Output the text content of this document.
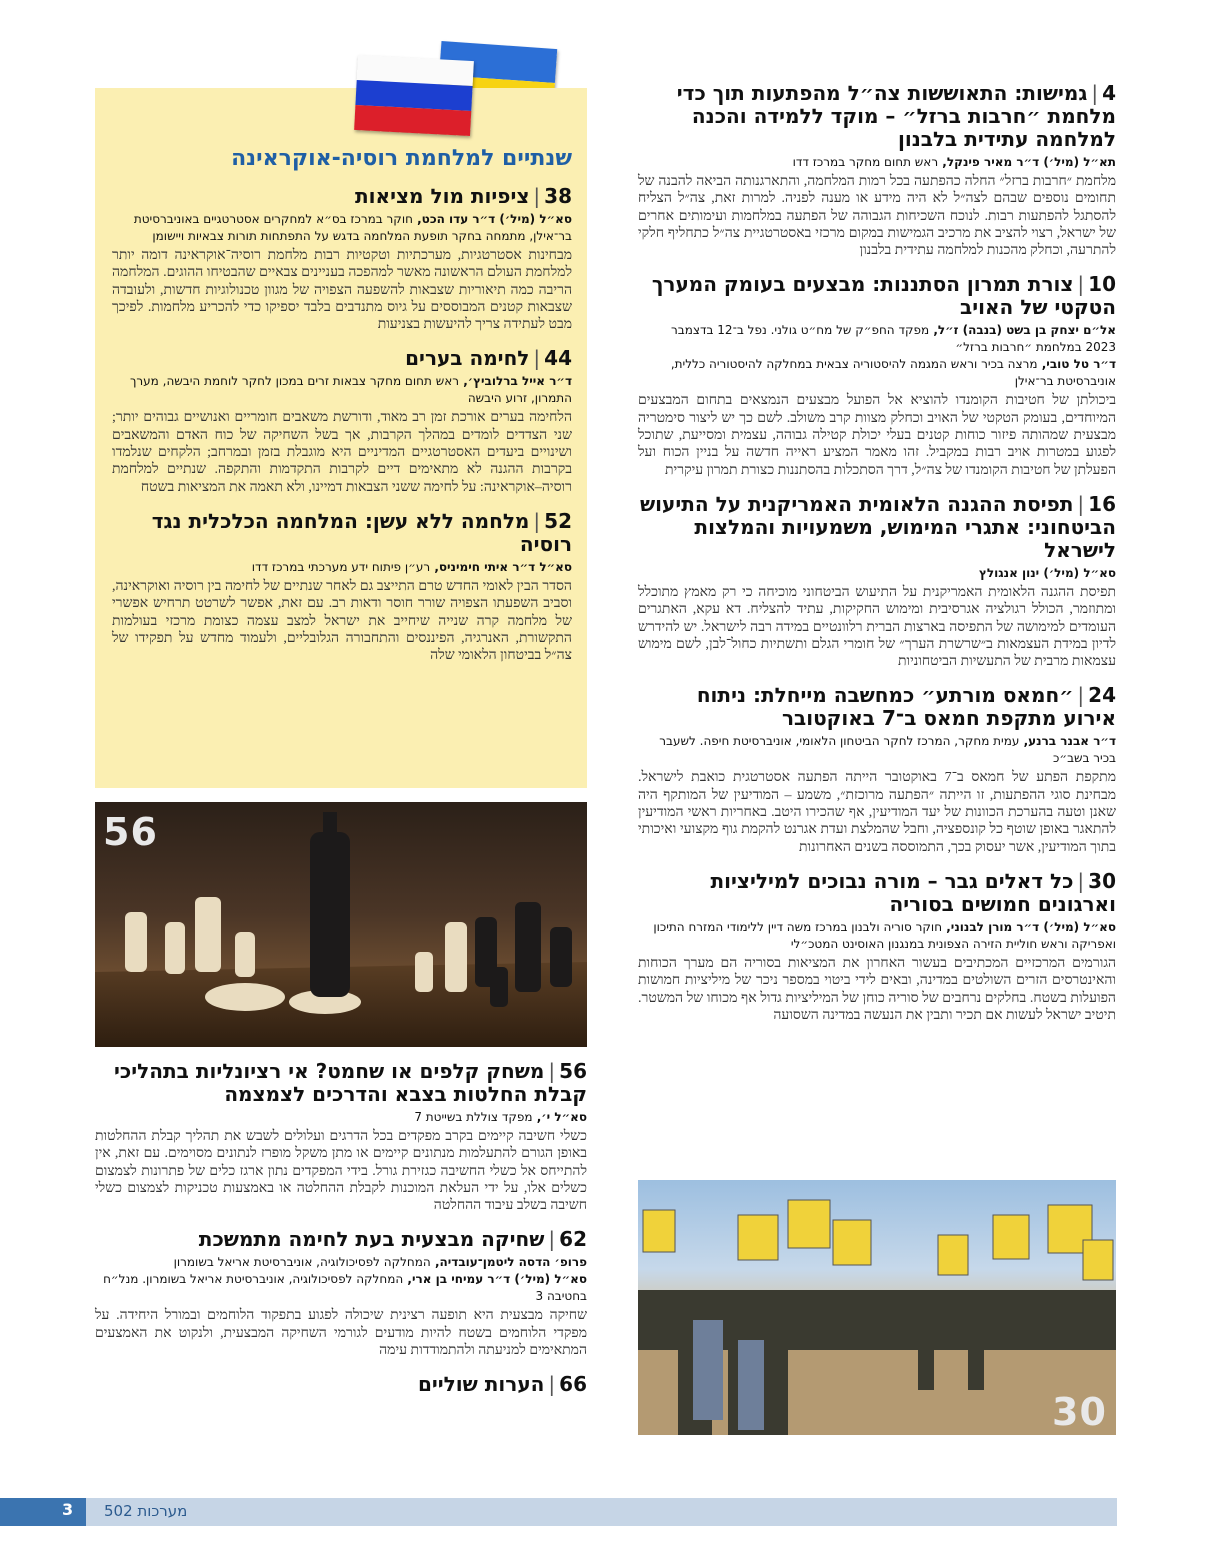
שנתיים למלחמת רוסיה-אוקראינה
38|ציפיות מול מציאות
סא״ל (מיל׳) ד״ר עדו הכט, חוקר במרכז בס״א למחקרים אסטרטגיים באוניברסיטת בר־אילן, מתמחה בחקר תופעת המלחמה בדגש על התפתחות תורות צבאיות ויישומן
מבחינות אסטרטגיות, מערכתיות וטקטיות רבות מלחמת רוסיה־אוקראינה דומה יותר למלחמת העולם הראשונה מאשר למהפכה בעניינים צבאיים שהבטיחו ההוגים. המלחמה הריבה כמה תיאוריות שצבאות להשפעה הצפויה של מגוון טכנולוגיות חדשות, ולעובדה שצבאות קטנים המבוססים על גיוס מתנדבים בלבד יספיקו כדי להכריע מלחמות. לפיכך מבט לעתידה צריך להיעשות בצניעות
44|לחימה בערים
ד״ר אייל ברלוביץ׳, ראש תחום מחקר צבאות זרים במכון לחקר לוחמת היבשה, מערך התמרון, זרוע היבשה
הלחימה בערים אורכת זמן רב מאוד, ודורשת משאבים חומריים ואנושיים גבוהים יותר; שני הצדדים לומדים במהלך הקרבות, אך בשל השחיקה של כוח האדם והמשאבים ושינויים ביעדים האסטרטגיים המדיניים היא מוגבלת בזמן ובמרחב; הלקחים שנלמדו בקרבות ההגנה לא מתאימים דיים לקרבות התקדמות והתקפה. שנתיים למלחמת רוסיה–אוקראינה: על לחימה ששני הצבאות דמיינו, ולא תאמה את המציאות בשטח
52|מלחמה ללא עשן: המלחמה הכלכלית נגד רוסיה
סא״ל ד״ר איתי חימיניס, רע״ן פיתוח ידע מערכתי במרכז דדו
הסדר הבין לאומי החדש טרם התייצב גם לאחר שנתיים של לחימה בין רוסיה ואוקראינה, וסביב השפעתו הצפויה שורר חוסר ודאות רב. עם זאת, אפשר לשרטט תרחיש אפשרי של מלחמה קרה שנייה שיחייב את ישראל למצב עצמה כצומת מרכזי בעולמות התקשורת, האנרגיה, הפיננסים והתחבורה הגלובליים, ולעמוד מחדש על תפקידו של צה״ל בביטחון הלאומי שלה
4|גמישות: התאוששות צה״ל מהפתעות תוך כדי מלחמת ״חרבות ברזל״ – מוקד ללמידה והכנה למלחמה עתידית בלבנון
תא״ל (מיל׳) ד״ר מאיר פינקל, ראש תחום מחקר במרכז דדו
מלחמת ״חרבות ברזל״ החלה כהפתעה בכל רמות המלחמה, והתארגנותה הביאה להבנה של תחומים נוספים שבהם לצה״ל לא היה מידע או מענה לפניה. למרות זאת, צה״ל הצליח להסתגל להפתעות רבות. לנוכח השכיחות הגבוהה של הפתעה במלחמות ועימותים אחרים של ישראל, רצוי להציב את מרכיב הגמישות במקום מרכזי באסטרטגיית צה״ל כתחליף חלקי להתרעה, וכחלק מהכנות למלחמה עתידית בלבנון
10|צורת תמרון הסתננות: מבצעים בעומק המערך הטקטי של האויב
אל״ם יצחק בן בשט (בנבה) ז״ל, מפקד החפ״ק של מח״ט גולני. נפל ב־12 בדצמבר 2023 במלחמת ״חרבות ברזל״
ד״ר טל טובי, מרצה בכיר וראש המגמה להיסטוריה צבאית במחלקה להיסטוריה כללית, אוניברסיטת בר־אילן
ביכולתן של חטיבות הקומנדו להוציא אל הפועל מבצעים הנמצאים בתחום המבצעים המיוחדים, בעומק הטקטי של האויב וכחלק מצוות קרב משולב. לשם כך יש ליצור סימטריה מבצעית שמהותה פיזור כוחות קטנים בעלי יכולת קטילה גבוהה, עצמית ומסייעת, שתוכל לפגוע במטרות אויב רבות במקביל. זהו מאמר המציע ראייה חדשה על בניין הכוח ועל הפעלתן של חטיבות הקומנדו של צה״ל, דרך הסתכלות בהסתננות כצורת תמרון עיקרית
16|תפיסת ההגנה הלאומית האמריקנית על התיעוש הביטחוני: אתגרי המימוש, משמעויות והמלצות לישראל
סא״ל (מיל׳) ינון אנגולץ
תפיסת ההגנה הלאומית האמריקנית על התיעוש הביטחוני מוכיחה כי רק מאמץ מתוכלל ומתוזמר, הכולל רגולציה אגרסיבית ומימוש החקיקות, עתיד להצליח. דא עקא, האתגרים העומדים למימושה של התפיסה בארצות הברית רלוונטיים במידה רבה לישראל. יש להידרש לדיון במידת העצמאות ב״שרשרת הערך״ של חומרי הגלם ותשתיות כחול־לבן, לשם מימוש עצמאות מרבית של התעשיות הביטחוניות
24|״חמאס מורתע״ כמחשבה מייחלת: ניתוח אירוע מתקפת חמאס ב־7 באוקטובר
ד״ר אבנר ברנע, עמית מחקר, המרכז לחקר הביטחון הלאומי, אוניברסיטת חיפה. לשעבר בכיר בשב״כ
מתקפת הפתע של חמאס ב־7 באוקטובר הייתה הפתעה אסטרטגית כואבת לישראל. מבחינת סוגי ההפתעות, זו הייתה ״הפתעה מרוכזת״, משמע – המודיעין של המותקף היה שאנן וטעה בהערכת הכוונות של יעד המודיעין, אף שהכירו היטב. באחריות ראשי המודיעין להתאגר באופן שוטף כל קונספציה, וחבל שהמלצת ועדת אגרנט להקמת גוף מקצועי ואיכותי בתוך המודיעין, אשר יעסוק בכך, התמוססה בשנים האחרונות
30|כל דאלים גבר – מורה נבוכים למיליציות וארגונים חמושים בסוריה
סא״ל (מיל׳) ד״ר מורן לבנוני, חוקר סוריה ולבנון במרכז משה דיין ללימודי המזרח התיכון ואפריקה וראש חוליית הזירה הצפונית במנגנון האוסינט המטכ״לי
הגורמים המרכזיים המכתיבים בעשור האחרון את המציאות בסוריה הם מערך הכוחות והאינטרסים הזרים השולטים במדינה, ובאים לידי ביטוי במספר ניכר של מיליציות חמושות הפועלות בשטח. בחלקים נרחבים של סוריה כוחן של המיליציות גדול אף מכוחו של המשטר. תיטיב ישראל לעשות אם תכיר ותבין את הנעשה במדינה השסועה
56
30
56|משחק קלפים או שחמט? אי רציונליות בתהליכי קבלת החלטות בצבא והדרכים לצמצמה
סא״ל י׳, מפקד צוללת בשייטת 7
כשלי חשיבה קיימים בקרב מפקדים בכל הדרגים ועלולים לשבש את תהליך קבלת ההחלטות באופן הגורם להתעלמות מנתונים קיימים או מתן משקל מופרז לנתונים מסוימים. עם זאת, אין להתייחס אל כשלי החשיבה כגזירת גורל. בידי המפקדים נתון ארגז כלים של פתרונות לצמצום כשלים אלו, על ידי העלאת המוכנות לקבלת ההחלטה או באמצעות טכניקות לצמצום כשלי חשיבה בשלב עיבוד ההחלטה
62|שחיקה מבצעית בעת לחימה מתמשכת
פרופ׳ הדסה ליטמן־עובדיה, המחלקה לפסיכולוגיה, אוניברסיטת אריאל בשומרון
סא״ל (מיל׳) ד״ר עמיחי בן ארי, המחלקה לפסיכולוגיה, אוניברסיטת אריאל בשומרון. מנל״ח בחטיבה 3
שחיקה מבצעית היא תופעה רצינית שיכולה לפגוע בתפקוד הלוחמים ובמורל היחידה. על מפקדי הלוחמים בשטח להיות מודעים לגורמי השחיקה המבצעית, ולנקוט את האמצעים המתאימים למניעתה ולהתמודדות עימה
66|הערות שוליים
3 מערכות 502
